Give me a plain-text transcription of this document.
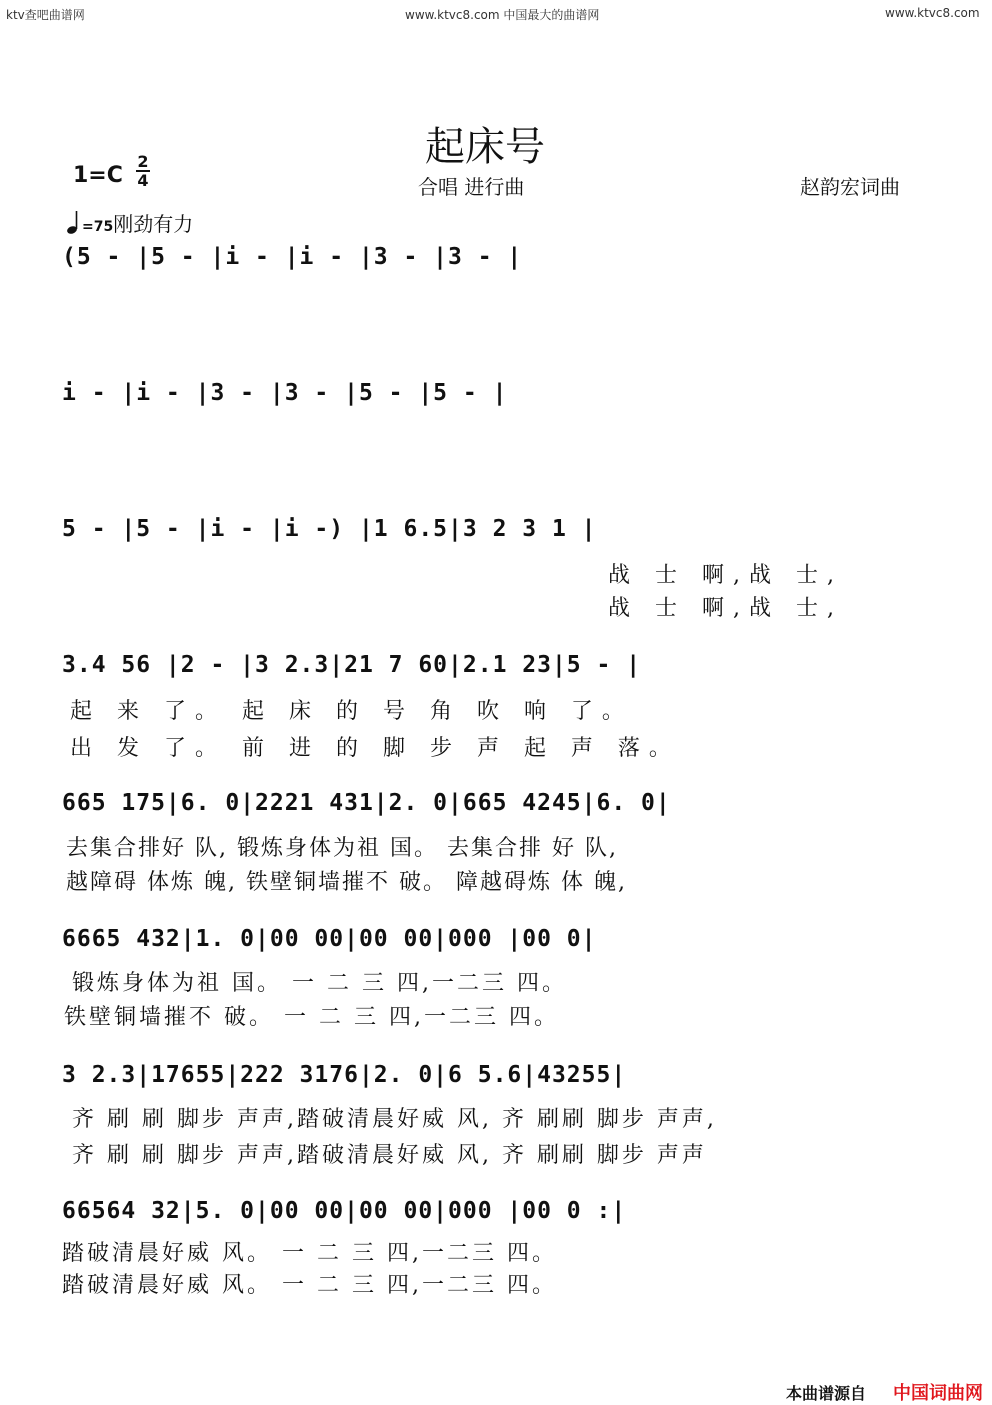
ktv查吧曲谱网	www.ktvc8.com 中国最大的曲谱网	www.ktvc8.com
起床号
合唱 进行曲	赵韵宏词曲
1=C
2
4
=75刚劲有力
(5 - |5 - |i - |i - |3 - |3 - |
i - |i - |3 - |3 - |5 - |5 - |
5 - |5 - |i - |i -) |1 6.5|3 2 3 1 |
战 士 啊,战 士,
战 士 啊,战 士,
3.4 56 |2 - |3 2.3|21 7 60|2.1 23|5 - |
起 来 了。 起 床 的 号 角 吹 响 了。
出 发 了。 前 进 的 脚 步 声 起 声 落。
665 175|6. 0|2221 431|2. 0|665 4245|6. 0|
去集合排好 队, 锻炼身体为祖 国。 去集合排 好 队,
越障碍 体炼 魄, 铁壁铜墙摧不 破。 障越碍炼 体 魄,
6665 432|1. 0|00 00|00 00|000 |00 0|
锻炼身体为祖 国。 一 二 三 四,一二三 四。
铁壁铜墙摧不 破。 一 二 三 四,一二三 四。
3 2.3|17655|222 3176|2. 0|6 5.6|43255|
齐 刷 刷 脚步 声声,踏破清晨好威 风, 齐 刷刷 脚步 声声,
齐 刷 刷 脚步 声声,踏破清晨好威 风, 齐 刷刷 脚步 声声
66564 32|5. 0|00 00|00 00|000 |00 0 :|
踏破清晨好威 风。 一 二 三 四,一二三 四。
踏破清晨好威 风。 一 二 三 四,一二三 四。
本曲谱源自 中国词曲网
